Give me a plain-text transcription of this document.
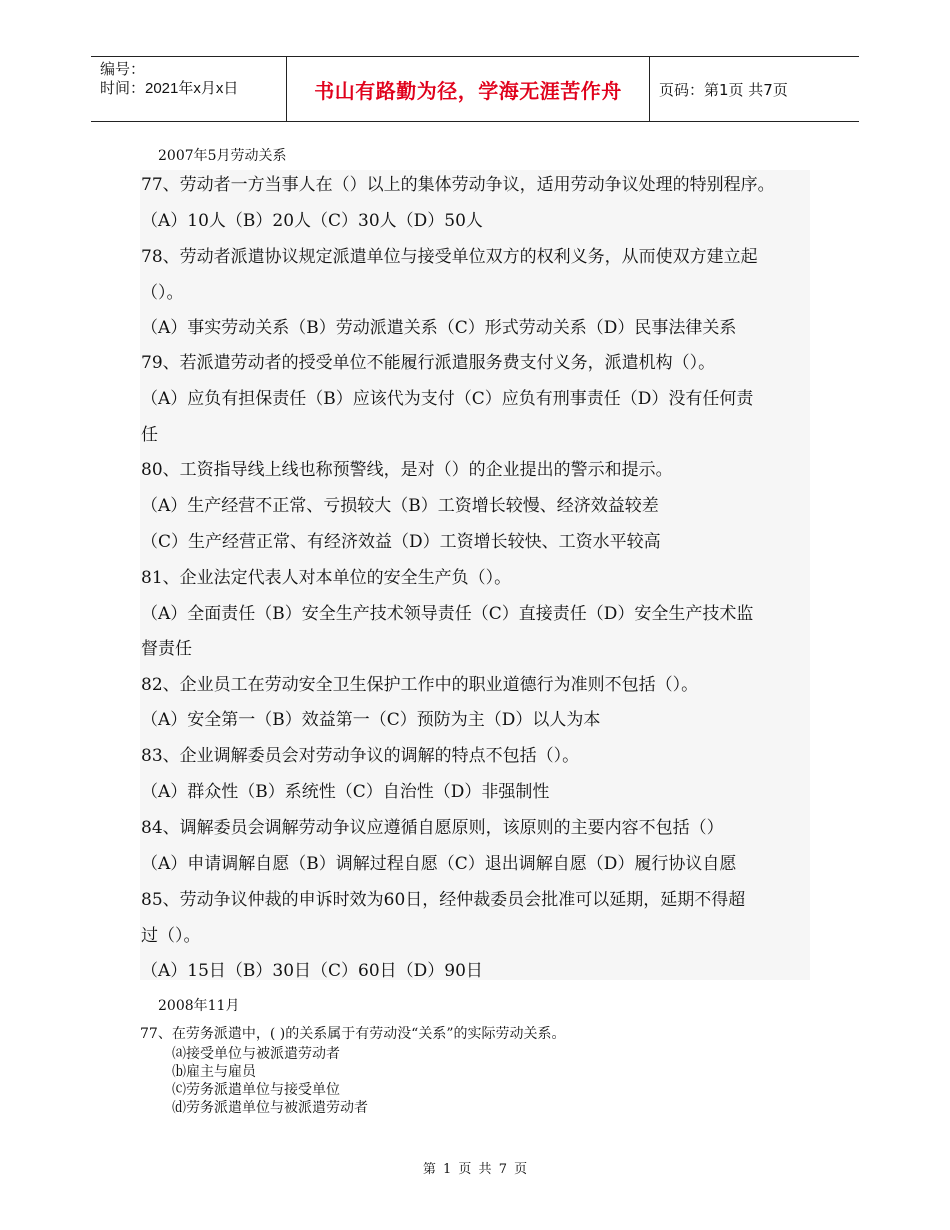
编号：
时间：2021年x月x日	书山有路勤为径，学海无涯苦作舟	页码：第1页 共7页
2007年5月劳动关系
77、劳动者一方当事人在（）以上的集体劳动争议，适用劳动争议处理的特别程序。
（A）10人（B）20人（C）30人（D）50人
78、劳动者派遣协议规定派遣单位与接受单位双方的权利义务，从而使双方建立起
（）。
（A）事实劳动关系（B）劳动派遣关系（C）形式劳动关系（D）民事法律关系
79、若派遣劳动者的授受单位不能履行派遣服务费支付义务，派遣机构（）。
（A）应负有担保责任（B）应该代为支付（C）应负有刑事责任（D）没有任何责
任
80、工资指导线上线也称预警线，是对（）的企业提出的警示和提示。
（A）生产经营不正常、亏损较大（B）工资增长较慢、经济效益较差
（C）生产经营正常、有经济效益（D）工资增长较快、工资水平较高
81、企业法定代表人对本单位的安全生产负（）。
（A）全面责任（B）安全生产技术领导责任（C）直接责任（D）安全生产技术监
督责任
82、企业员工在劳动安全卫生保护工作中的职业道德行为准则不包括（）。
（A）安全第一（B）效益第一（C）预防为主（D）以人为本
83、企业调解委员会对劳动争议的调解的特点不包括（）。
（A）群众性（B）系统性（C）自治性（D）非强制性
84、调解委员会调解劳动争议应遵循自愿原则，该原则的主要内容不包括（）
（A）申请调解自愿（B）调解过程自愿（C）退出调解自愿（D）履行协议自愿
85、劳动争议仲裁的申诉时效为60日，经仲裁委员会批准可以延期，延期不得超
过（）。
（A）15日（B）30日（C）60日（D）90日
2008年11月
77、在劳务派遣中，( )的关系属于有劳动没“关系”的实际劳动关系。
⒜接受单位与被派遣劳动者
⒝雇主与雇员
⒞劳务派遣单位与接受单位
⒟劳务派遣单位与被派遣劳动者
第 1 页 共 7 页
